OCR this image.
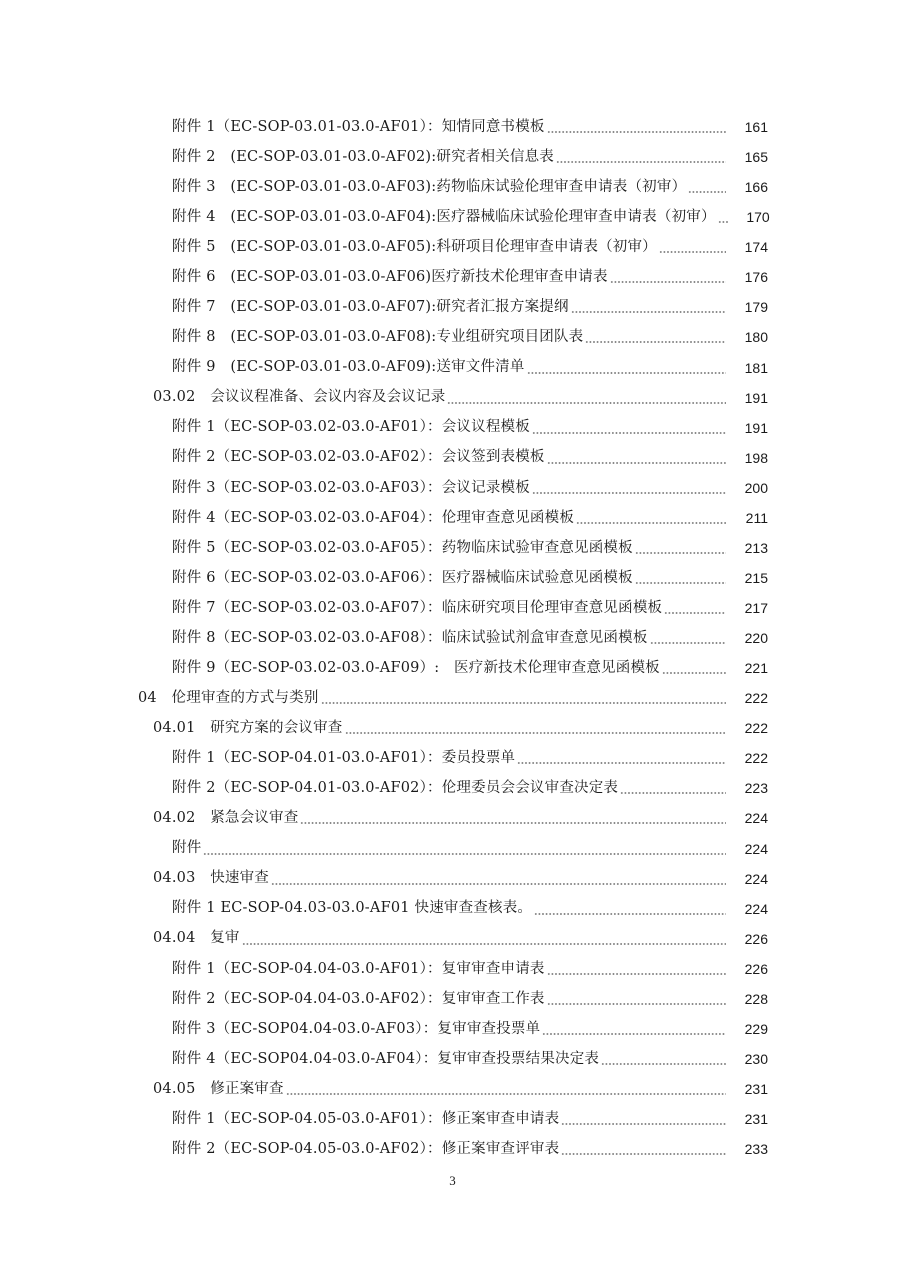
附件 1（EC-SOP-03.01-03.0-AF01）：知情同意书模板	161
附件 2　(EC-SOP-03.01-03.0-AF02):研究者相关信息表	165
附件 3　(EC-SOP-03.01-03.0-AF03):药物临床试验伦理审查申请表（初审）	166
附件 4　(EC-SOP-03.01-03.0-AF04):医疗器械临床试验伦理审查申请表（初审）	170
附件 5　(EC-SOP-03.01-03.0-AF05):科研项目伦理审查申请表（初审）	174
附件 6　(EC-SOP-03.01-03.0-AF06)医疗新技术伦理审查申请表	176
附件 7　(EC-SOP-03.01-03.0-AF07):研究者汇报方案提纲	179
附件 8　(EC-SOP-03.01-03.0-AF08):专业组研究项目团队表	180
附件 9　(EC-SOP-03.01-03.0-AF09):送审文件清单	181
03.02　会议议程准备、会议内容及会议记录	191
附件 1（EC-SOP-03.02-03.0-AF01）：会议议程模板	191
附件 2（EC-SOP-03.02-03.0-AF02）：会议签到表模板	198
附件 3（EC-SOP-03.02-03.0-AF03）：会议记录模板	200
附件 4（EC-SOP-03.02-03.0-AF04）：伦理审查意见函模板	211
附件 5（EC-SOP-03.02-03.0-AF05）：药物临床试验审查意见函模板	213
附件 6（EC-SOP-03.02-03.0-AF06）：医疗器械临床试验意见函模板	215
附件 7（EC-SOP-03.02-03.0-AF07）：临床研究项目伦理审查意见函模板	217
附件 8（EC-SOP-03.02-03.0-AF08）：临床试验试剂盒审查意见函模板	220
附件 9（EC-SOP-03.02-03.0-AF09）:　医疗新技术伦理审查意见函模板	221
04　伦理审查的方式与类别	222
04.01　研究方案的会议审查	222
附件 1（EC-SOP-04.01-03.0-AF01）：委员投票单	222
附件 2（EC-SOP-04.01-03.0-AF02）：伦理委员会会议审查决定表	223
04.02　紧急会议审查	224
附件	224
04.03　快速审查	224
附件 1 EC-SOP-04.03-03.0-AF01 快速审查查核表。	224
04.04　复审	226
附件 1（EC-SOP-04.04-03.0-AF01）：复审审查申请表	226
附件 2（EC-SOP-04.04-03.0-AF02）：复审审查工作表	228
附件 3（EC-SOP04.04-03.0-AF03）：复审审查投票单	229
附件 4（EC-SOP04.04-03.0-AF04）：复审审查投票结果决定表	230
04.05　修正案审查	231
附件 1（EC-SOP-04.05-03.0-AF01）：修正案审查申请表	231
附件 2（EC-SOP-04.05-03.0-AF02）：修正案审查评审表	233
3
